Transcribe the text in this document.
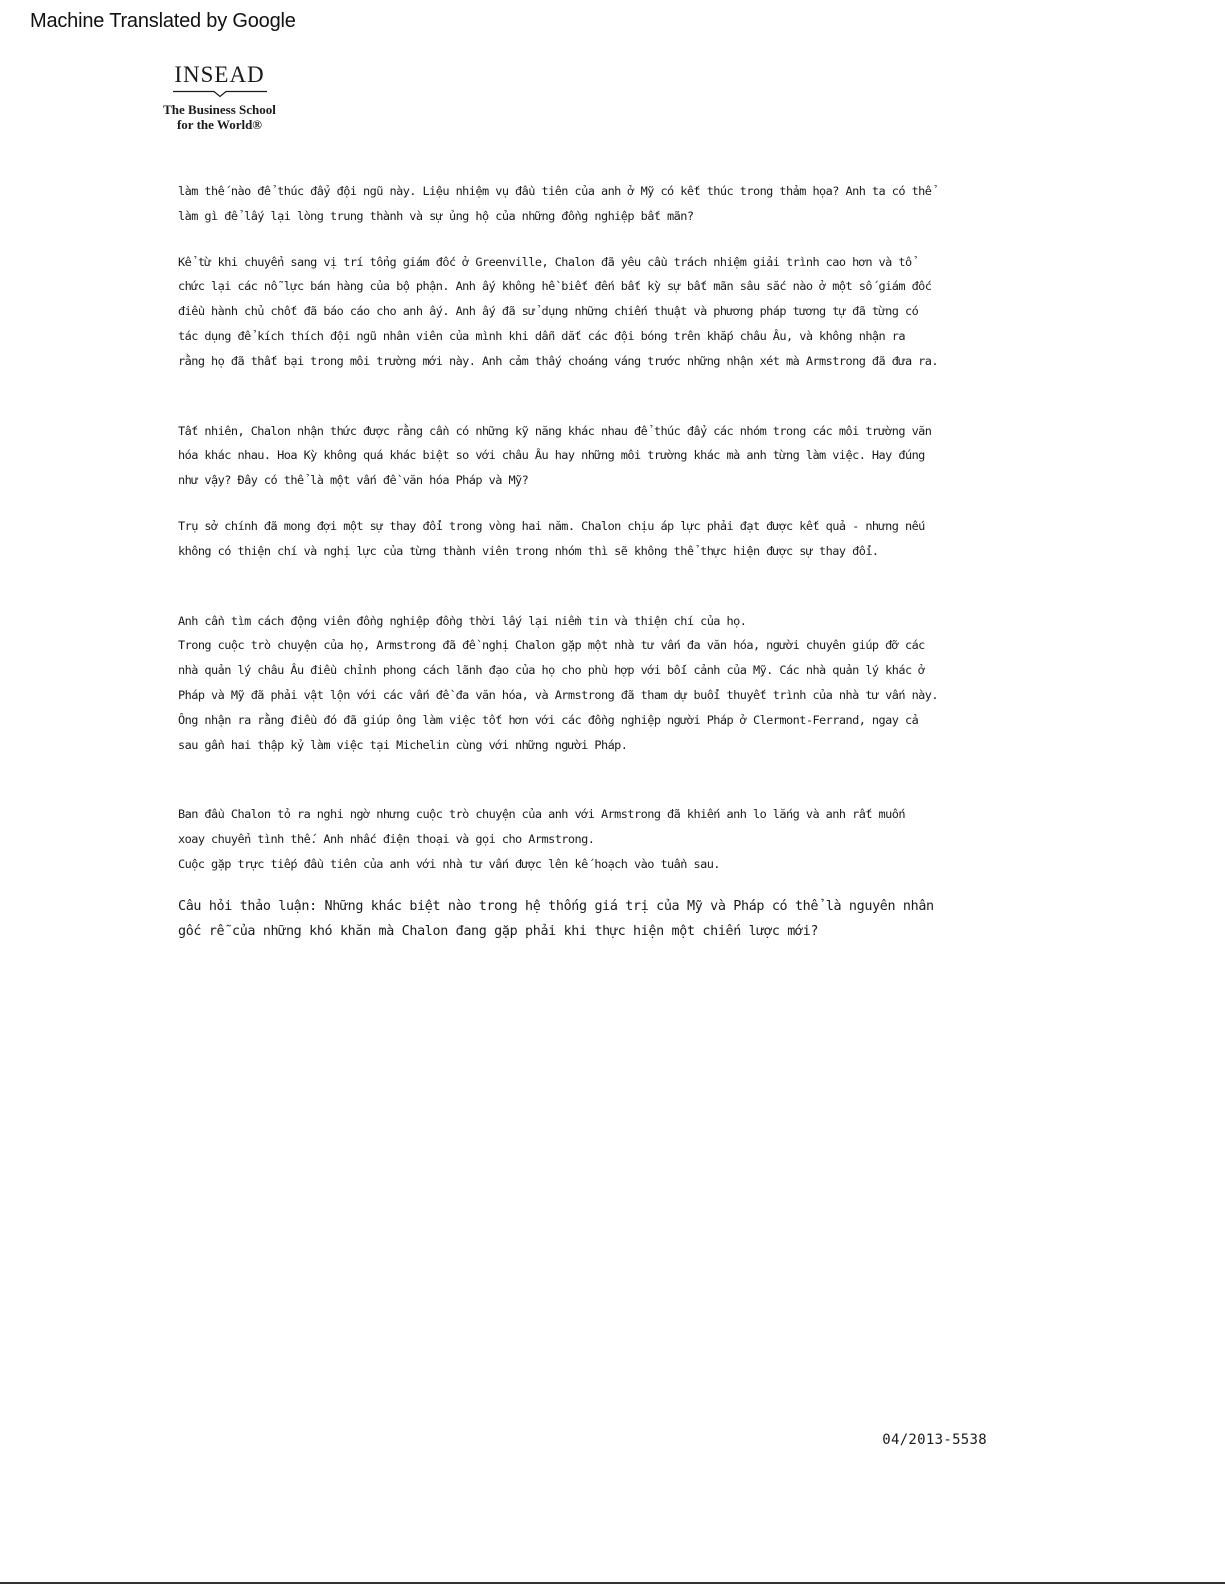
Machine Translated by Google
INSEAD
The Business School
for the World®

làm thế nào để thúc đẩy đội ngũ này. Liệu nhiệm vụ đầu tiên của anh ở Mỹ có kết thúc trong thảm họa? Anh ta có thể

làm gì để lấy lại lòng trung thành và sự ủng hộ của những đồng nghiệp bất mãn?

Kể từ khi chuyển sang vị trí tổng giám đốc ở Greenville, Chalon đã yêu cầu trách nhiệm giải trình cao hơn và tổ

chức lại các nỗ lực bán hàng của bộ phận. Anh ấy không hề biết đến bất kỳ sự bất mãn sâu sắc nào ở một số giám đốc

điều hành chủ chốt đã báo cáo cho anh ấy. Anh ấy đã sử dụng những chiến thuật và phương pháp tương tự đã từng có

tác dụng để kích thích đội ngũ nhân viên của mình khi dẫn dắt các đội bóng trên khắp châu Âu, và không nhận ra

rằng họ đã thất bại trong môi trường mới này. Anh cảm thấy choáng váng trước những nhận xét mà Armstrong đã đưa ra.

Tất nhiên, Chalon nhận thức được rằng cần có những kỹ năng khác nhau để thúc đẩy các nhóm trong các môi trường văn

hóa khác nhau. Hoa Kỳ không quá khác biệt so với châu Âu hay những môi trường khác mà anh từng làm việc. Hay đúng

như vậy? Đây có thể là một vấn đề văn hóa Pháp và Mỹ?

Trụ sở chính đã mong đợi một sự thay đổi trong vòng hai năm. Chalon chịu áp lực phải đạt được kết quả - nhưng nếu

không có thiện chí và nghị lực của từng thành viên trong nhóm thì sẽ không thể thực hiện được sự thay đổi.

Anh cần tìm cách động viên đồng nghiệp đồng thời lấy lại niềm tin và thiện chí của họ.

Trong cuộc trò chuyện của họ, Armstrong đã đề nghị Chalon gặp một nhà tư vấn đa văn hóa, người chuyên giúp đỡ các

nhà quản lý châu Âu điều chỉnh phong cách lãnh đạo của họ cho phù hợp với bối cảnh của Mỹ. Các nhà quản lý khác ở

Pháp và Mỹ đã phải vật lộn với các vấn đề đa văn hóa, và Armstrong đã tham dự buổi thuyết trình của nhà tư vấn này.

Ông nhận ra rằng điều đó đã giúp ông làm việc tốt hơn với các đồng nghiệp người Pháp ở Clermont-Ferrand, ngay cả

sau gần hai thập kỷ làm việc tại Michelin cùng với những người Pháp.

Ban đầu Chalon tỏ ra nghi ngờ nhưng cuộc trò chuyện của anh với Armstrong đã khiến anh lo lắng và anh rất muốn

xoay chuyển tình thế. Anh nhấc điện thoại và gọi cho Armstrong.

Cuộc gặp trực tiếp đầu tiên của anh với nhà tư vấn được lên kế hoạch vào tuần sau.

Câu hỏi thảo luận: Những khác biệt nào trong hệ thống giá trị của Mỹ và Pháp có thể là nguyên nhân

gốc rễ của những khó khăn mà Chalon đang gặp phải khi thực hiện một chiến lược mới?

04/2013-5538
